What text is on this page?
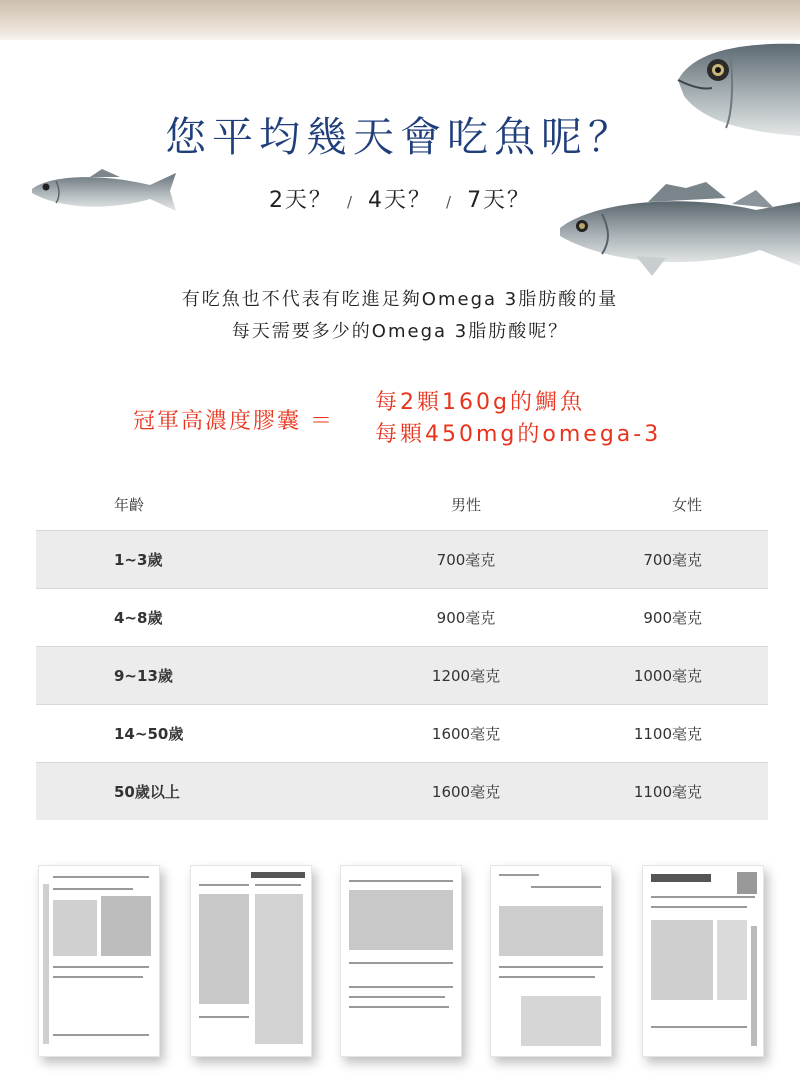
您平均幾天會吃魚呢？
2天？ / 4天？ / 7天？
有吃魚也不代表有吃進足夠Omega 3脂肪酸的量
每天需要多少的Omega 3脂肪酸呢？
冠軍高濃度膠囊 ＝
每2顆160g的鯛魚
每顆450mg的omega-3
年齡	男性	女性
1~3歲	700毫克	700毫克
4~8歲	900毫克	900毫克
9~13歲	1200毫克	1000毫克
14~50歲	1600毫克	1100毫克
50歲以上	1600毫克	1100毫克
